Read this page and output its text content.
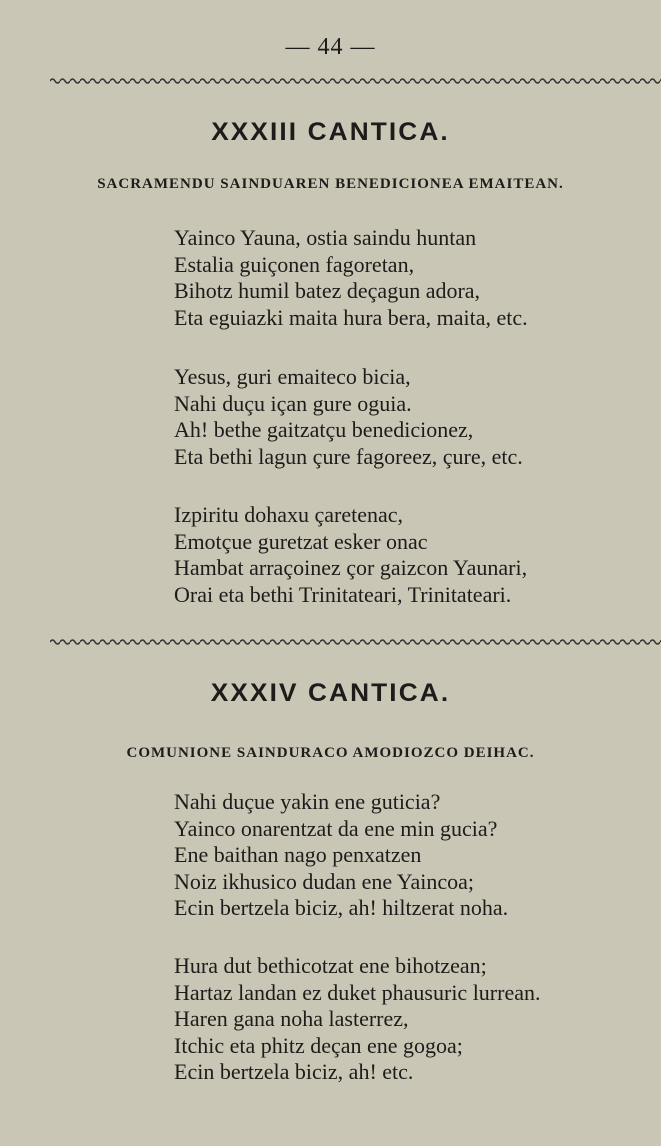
— 44 —
XXXIII CANTICA.
SACRAMENDU SAINDUAREN BENEDICIONEA EMAITEAN.
Yainco Yauna, ostia saindu huntan
Estalia guiçonen fagoretan,
Bihotz humil batez deçagun adora,
Eta eguiazki maita hura bera, maita, etc.
Yesus, guri emaiteco bicia,
Nahi duçu içan gure oguia.
Ah! bethe gaitzatçu benedicionez,
Eta bethi lagun çure fagoreez, çure, etc.
Izpiritu dohaxu çaretenac,
Emotçue guretzat esker onac
Hambat arraçoinez çor gaizcon Yaunari,
Orai eta bethi Trinitateari, Trinitateari.
XXXIV CANTICA.
COMUNIONE SAINDURACO AMODIOZCO DEIHAC.
Nahi duçue yakin ene guticia?
Yainco onarentzat da ene min gucia?
Ene baithan nago penxatzen
Noiz ikhusico dudan ene Yaincoa;
Ecin bertzela biciz, ah! hiltzerat noha.
Hura dut bethicotzat ene bihotzean;
Hartaz landan ez duket phausuric lurrean.
Haren gana noha lasterrez,
Itchic eta phitz deçan ene gogoa;
Ecin bertzela biciz, ah! etc.
